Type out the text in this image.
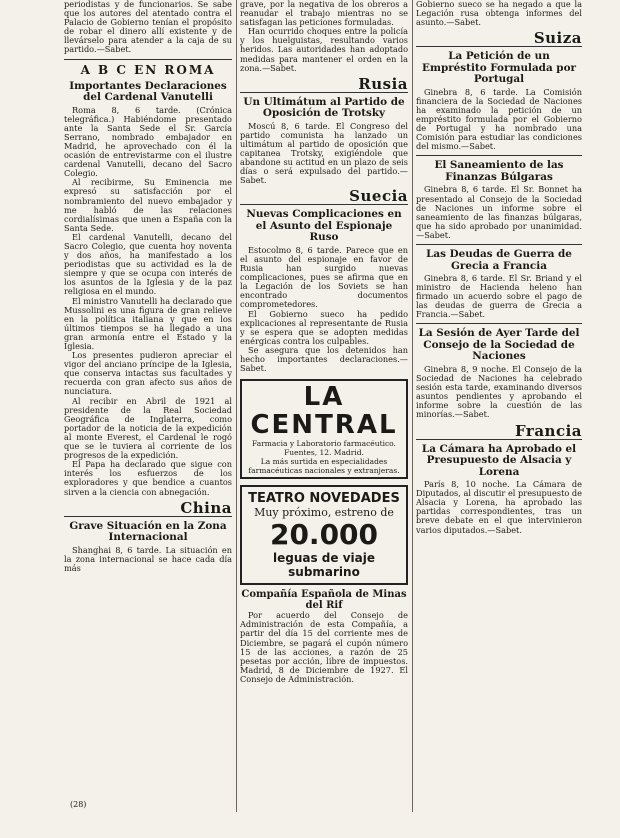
periodistas y de funcionarios. Se sabe que los autores del atentado contra el Palacio de Gobierno tenían el propósito de robar el dinero allí existente y de llevárselo para atender a la caja de su partido.—Sabet.

A B C EN ROMA
Importantes Declaraciones del Cardenal Vanutelli

Roma 8, 6 tarde. (Crónica telegráfica.) Habiéndome presentado ante la Santa Sede el Sr. García Serrano, nombrado embajador en Madrid, he aprovechado con él la ocasión de entrevistarme con el ilustre cardenal Vanutelli, decano del Sacro Colegio.

Al recibirme, Su Eminencia me expresó su satisfacción por el nombramiento del nuevo embajador y me habló de las relaciones cordialísimas que unen a España con la Santa Sede.

El cardenal Vanutelli, decano del Sacro Colegio, que cuenta hoy noventa y dos años, ha manifestado a los periodistas que su actividad es la de siempre y que se ocupa con interés de los asuntos de la Iglesia y de la paz religiosa en el mundo.

El ministro Vanutelli ha declarado que Mussolini es una figura de gran relieve en la política italiana y que en los últimos tiempos se ha llegado a una gran armonía entre el Estado y la Iglesia.

Los presentes pudieron apreciar el vigor del anciano príncipe de la Iglesia, que conserva intactas sus facultades y recuerda con gran afecto sus años de nunciatura.

Al recibir en Abril de 1921 al presidente de la Real Sociedad Geográfica de Inglaterra, como portador de la noticia de la expedición al monte Everest, el Cardenal le rogó que se le tuviera al corriente de los progresos de la expedición.

El Papa ha declarado que sigue con interés los esfuerzos de los exploradores y que bendice a cuantos sirven a la ciencia con abnegación.

China
Grave Situación en la Zona Internacional

Shanghai 8, 6 tarde. La situación en la zona internacional se hace cada día más

(28)

grave, por la negativa de los obreros a reanudar el trabajo mientras no se satisfagan las peticiones formuladas.

Han ocurrido choques entre la policía y los huelguistas, resultando varios heridos. Las autoridades han adoptado medidas para mantener el orden en la zona.—Sabet.

Rusia
Un Ultimátum al Partido de Oposición de Trotsky

Moscú 8, 6 tarde. El Congreso del partido comunista ha lanzado un ultimátum al partido de oposición que capitanea Trotsky, exigiéndole que abandone su actitud en un plazo de seis días o será expulsado del partido.—Sabet.

Suecia
Nuevas Complicaciones en el Asunto del Espionaje Ruso

Estocolmo 8, 6 tarde. Parece que en el asunto del espionaje en favor de Rusia han surgido nuevas complicaciones, pues se afirma que en la Legación de los Soviets se han encontrado documentos comprometedores.

El Gobierno sueco ha pedido explicaciones al representante de Rusia y se espera que se adopten medidas enérgicas contra los culpables.

Se asegura que los detenidos han hecho importantes declaraciones.—Sabet.

LA CENTRAL
Farmacia y Laboratorio farmacéutico. Fuentes, 12. Madrid.
La más surtida en especialidades farmacéuticas nacionales y extranjeras.
TEATRO NOVEDADES
Muy próximo, estreno de
20.000
leguas de viaje submarino
Compañía Española de Minas del Rif

Por acuerdo del Consejo de Administración de esta Compañía, a partir del día 15 del corriente mes de Diciembre, se pagará el cupón número 15 de las acciones, a razón de 25 pesetas por acción, libre de impuestos. Madrid, 8 de Diciembre de 1927. El Consejo de Administración.

Gobierno sueco se ha negado a que la Legación rusa obtenga informes del asunto.—Sabet.

Suiza
La Petición de un Empréstito Formulada por Portugal

Ginebra 8, 6 tarde. La Comisión financiera de la Sociedad de Naciones ha examinado la petición de un empréstito formulada por el Gobierno de Portugal y ha nombrado una Comisión para estudiar las condiciones del mismo.—Sabet.

El Saneamiento de las Finanzas Búlgaras

Ginebra 8, 6 tarde. El Sr. Bonnet ha presentado al Consejo de la Sociedad de Naciones un informe sobre el saneamiento de las finanzas búlgaras, que ha sido aprobado por unanimidad.—Sabet.

Las Deudas de Guerra de Grecia a Francia

Ginebra 8, 6 tarde. El Sr. Briand y el ministro de Hacienda heleno han firmado un acuerdo sobre el pago de las deudas de guerra de Grecia a Francia.—Sabet.

La Sesión de Ayer Tarde del Consejo de la Sociedad de Naciones

Ginebra 8, 9 noche. El Consejo de la Sociedad de Naciones ha celebrado sesión esta tarde, examinando diversos asuntos pendientes y aprobando el informe sobre la cuestión de las minorías.—Sabet.

Francia
La Cámara ha Aprobado el Presupuesto de Alsacia y Lorena

París 8, 10 noche. La Cámara de Diputados, al discutir el presupuesto de Alsacia y Lorena, ha aprobado las partidas correspondientes, tras un breve debate en el que intervinieron varios diputados.—Sabet.
